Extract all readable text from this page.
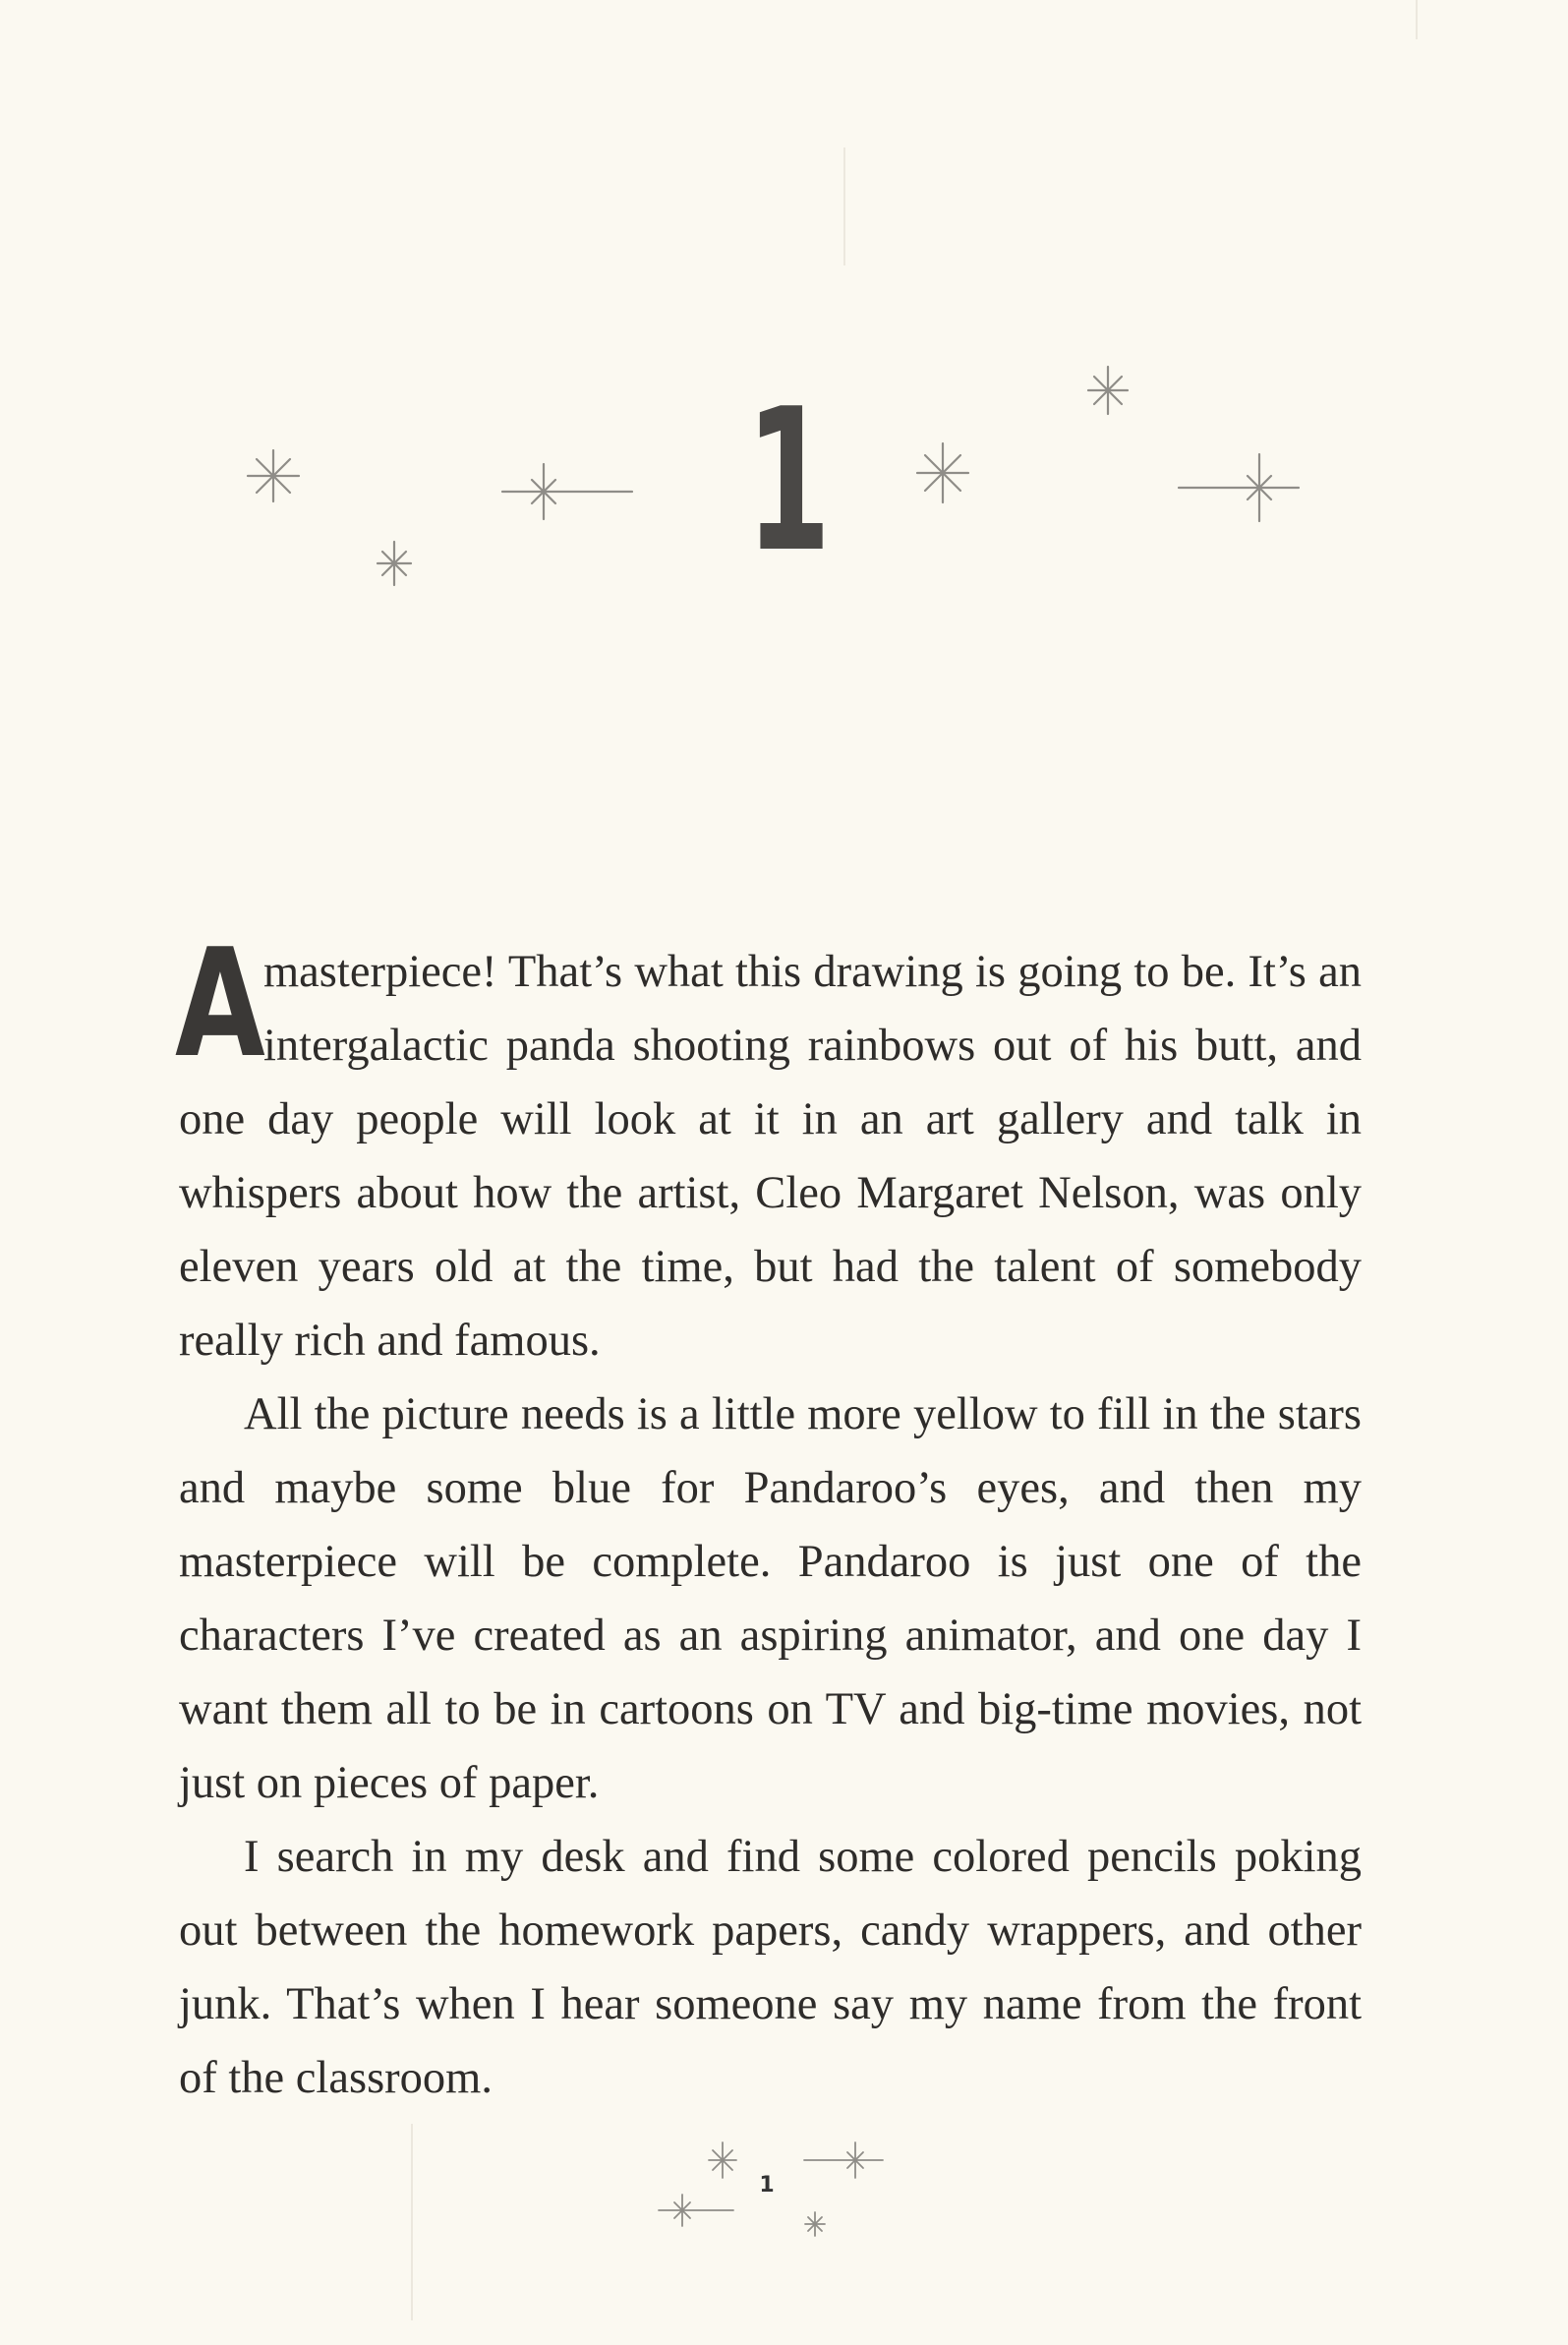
1

A
masterpiece! That’s what this drawing is going to be. It’s an intergalactic panda shooting rainbows out of his butt, and one day people will look at it in an art gallery and talk in whispers about how the artist, Cleo Margaret Nelson, was only eleven years old at the time, but had the talent of somebody really rich and famous.

All the picture needs is a little more yellow to fill in the stars and maybe some blue for Pandaroo’s eyes, and then my masterpiece will be complete. Pandaroo is just one of the characters I’ve created as an aspiring animator, and one day I want them all to be in cartoons on TV and big-time movies, not just on pieces of paper.

I search in my desk and find some colored pencils poking out between the homework papers, candy wrappers, and other junk. That’s when I hear someone say my name from the front of the classroom.

1
